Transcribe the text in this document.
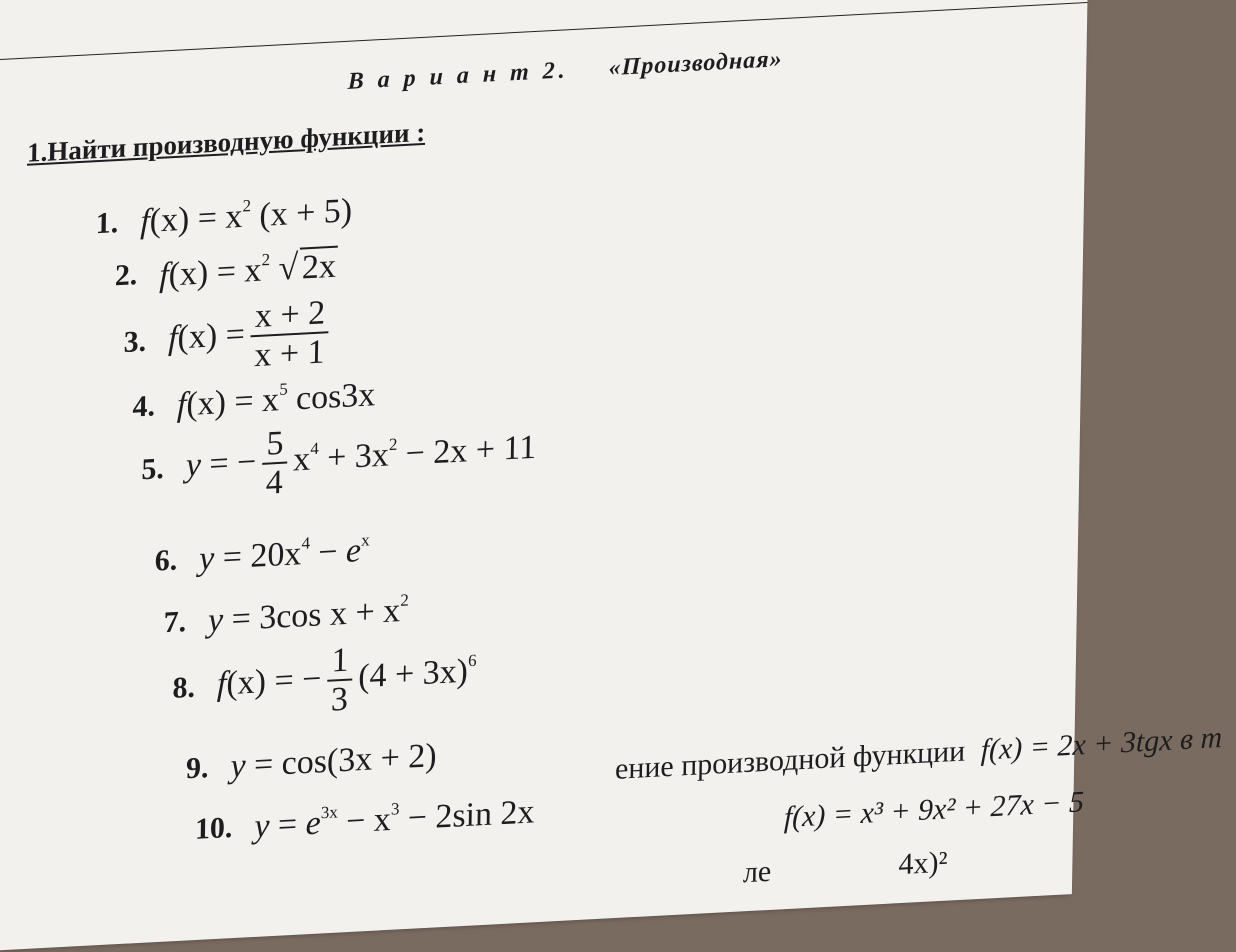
В а р и а н т 2. «Производная»
1.Найти производную функции :
1. $f(x) = x^2$ (x + 5)
2. $f(x) = x^2$ √2x
3. $f(x) = \frac{x + 2}{x + 1}$
4. $f(x) = x^5$ cos3x
5. y = − $\frac{5}{4} x^4 + 3x^2 - 2x + 11$
6. $y = 20x^4 - e^x$
7. y = 3cos $x + x^2$
8. f(x) = − $\frac{1}{3} (4 + 3x)^6$
9. y = cos(3x + 2)
10. $y = e^{3x} - x^3 - 2\sin$ 2x
ение производной функции f(x) = 2x + 3tgx в т
f(x) = x³ + 9x² + 27x − 5
ле	4x)²
